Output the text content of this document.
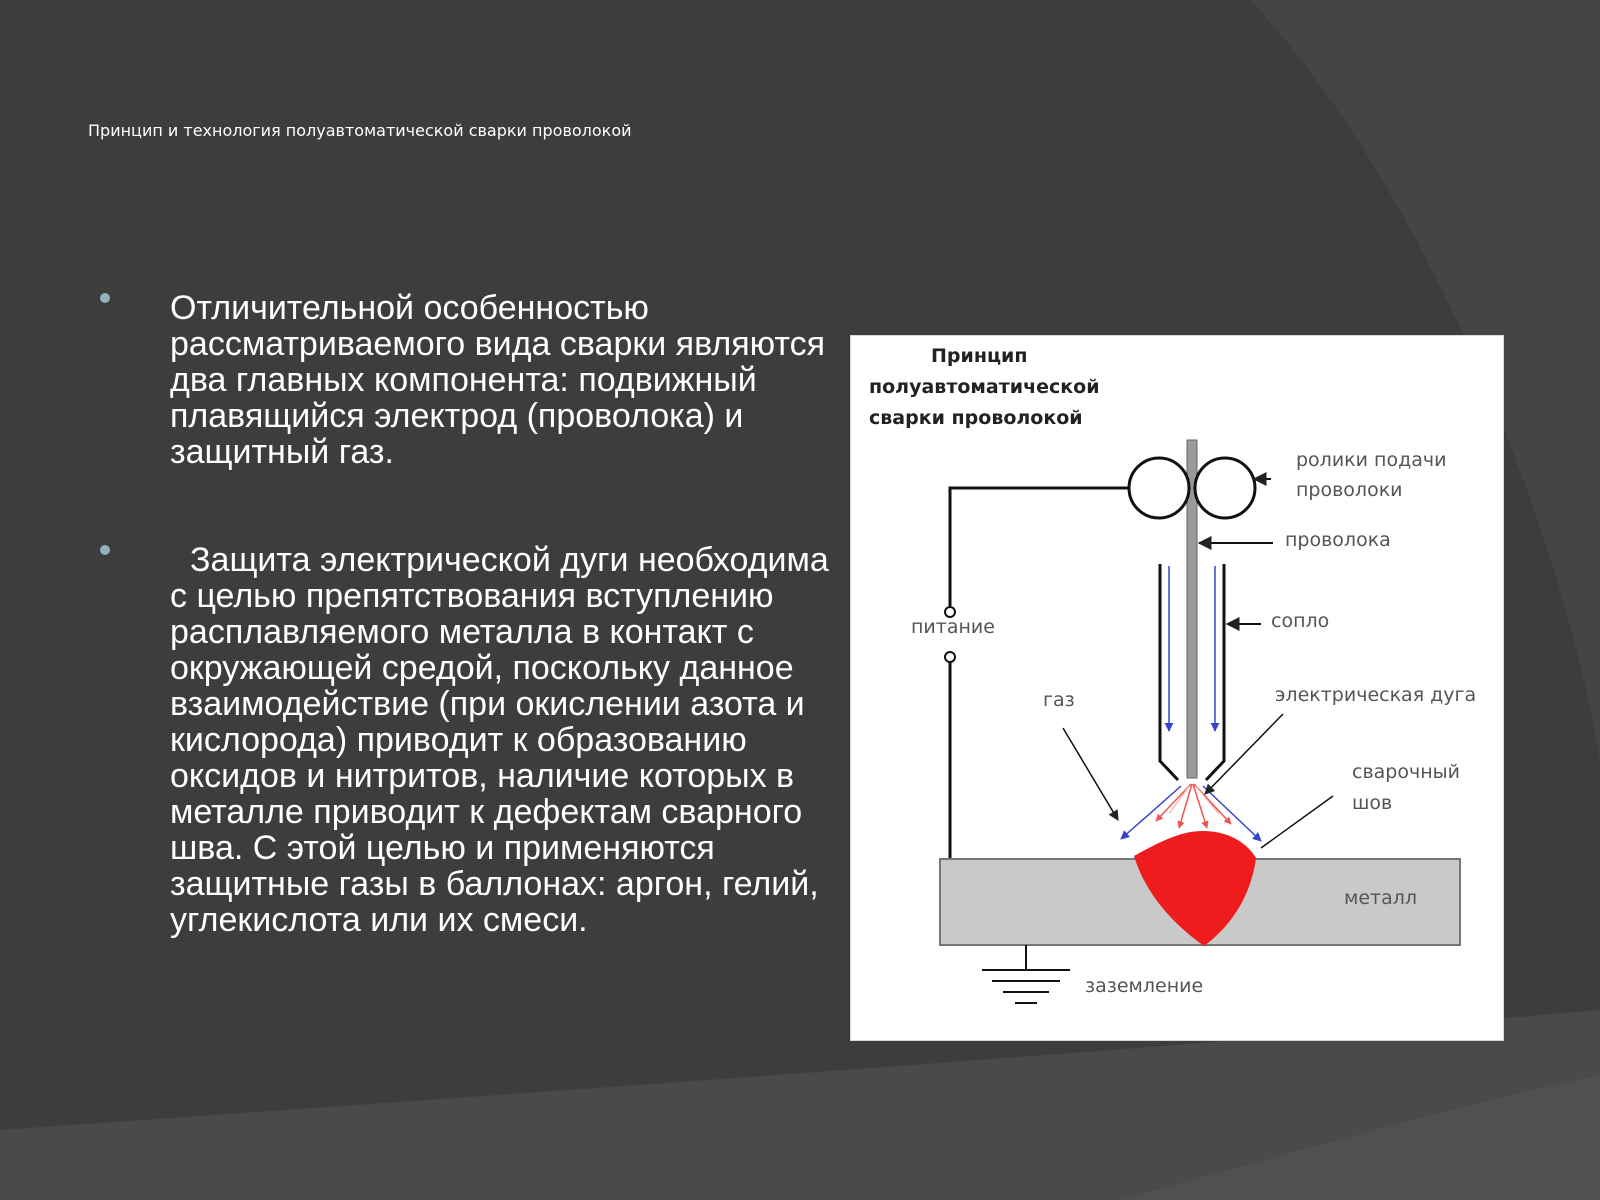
Принцип и технология полуавтоматической сварки проволокой
Отличительной особенностью рассматриваемого вида сварки являются два главных компонента: подвижный плавящийся электрод (проволока) и защитный газ.
Защита электрической дуги необходима с целью препятствования вступлению расплавляемого металла в контакт с окружающей средой, поскольку данное взаимодействие (при окислении азота и кислорода) приводит к образованию оксидов и нитритов, наличие которых в металле приводит к дефектам сварного шва. С этой целью и применяются защитные газы в баллонах: аргон, гелий, углекислота или их смеси.
Принцип
полуавтоматической
сварки проволокой
ролики подачи
проволоки
проволока
сопло
питание
газ	электрическая дуга
сварочный
шов
металл
заземление
